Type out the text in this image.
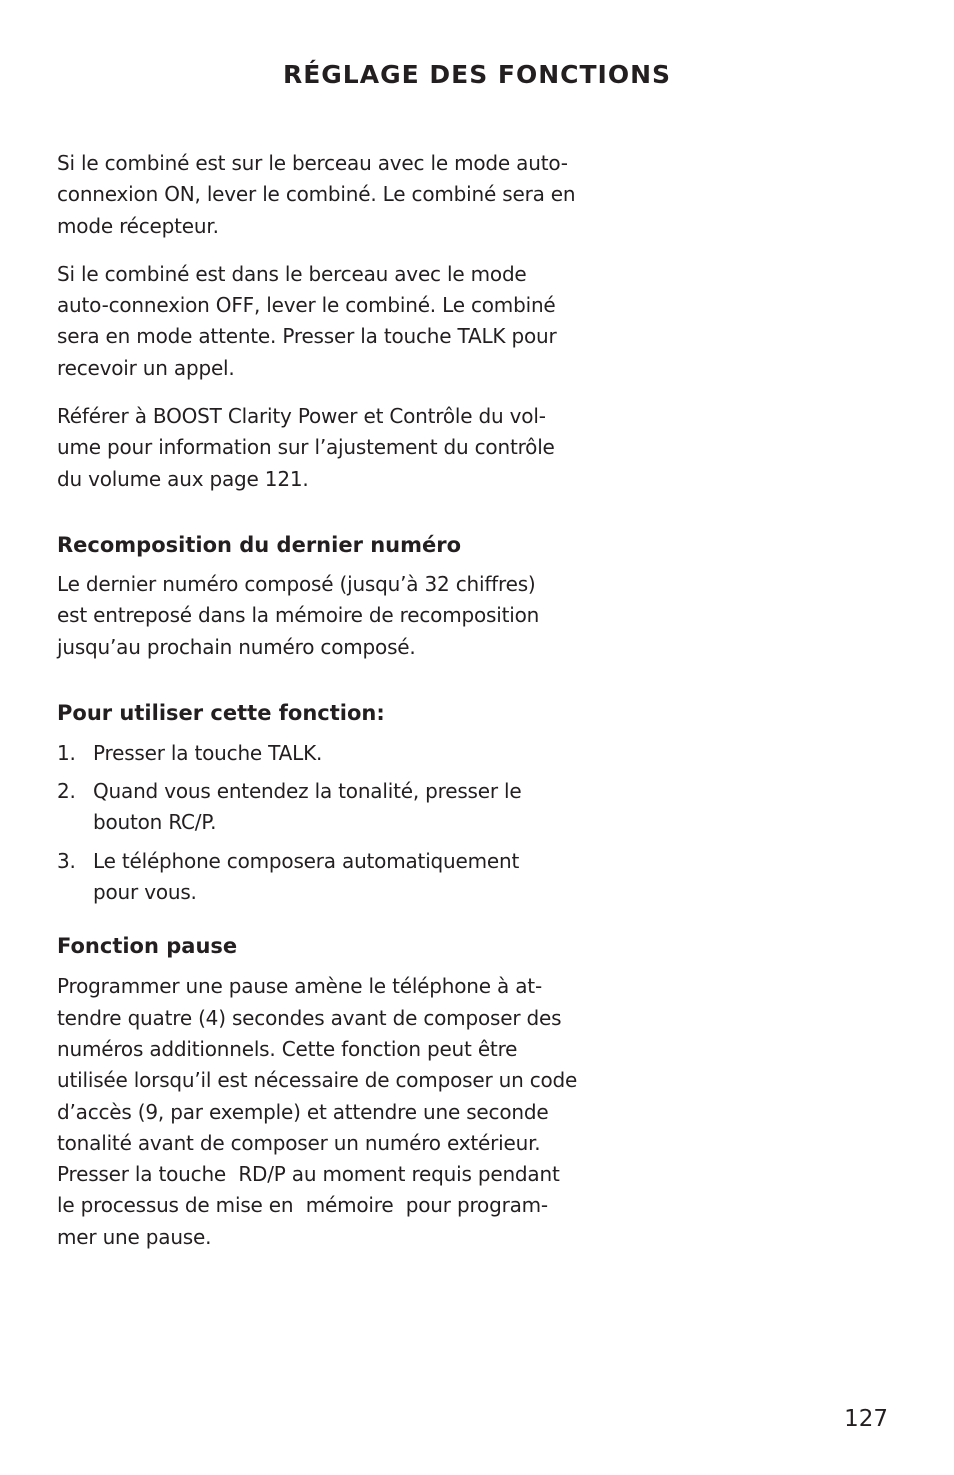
RÉGLAGE DES FONCTIONS

Si le combiné est sur le berceau avec le mode auto-
connexion ON, lever le combiné. Le combiné sera en
mode récepteur.

Si le combiné est dans le berceau avec le mode
auto-connexion OFF, lever le combiné. Le combiné
sera en mode attente. Presser la touche TALK pour
recevoir un appel.

Référer à BOOST Clarity Power et Contrôle du vol-
ume pour information sur l’ajustement du contrôle
du volume aux page 121.

Recomposition du dernier numéro

Le dernier numéro composé (jusqu’à 32 chiffres)
est entreposé dans la mémoire de recomposition
jusqu’au prochain numéro composé.

Pour utiliser cette fonction:
1. Presser la touche TALK.
2. Quand vous entendez la tonalité, presser le
bouton RC/P.
3. Le téléphone composera automatiquement
pour vous.
Fonction pause

Programmer une pause amène le téléphone à at-
tendre quatre (4) secondes avant de composer des
numéros additionnels. Cette fonction peut être
utilisée lorsqu’il est nécessaire de composer un code
d’accès (9, par exemple) et attendre une seconde
tonalité avant de composer un numéro extérieur.
Presser la touche  RD/P au moment requis pendant
le processus de mise en  mémoire  pour program-
mer une pause.

127
